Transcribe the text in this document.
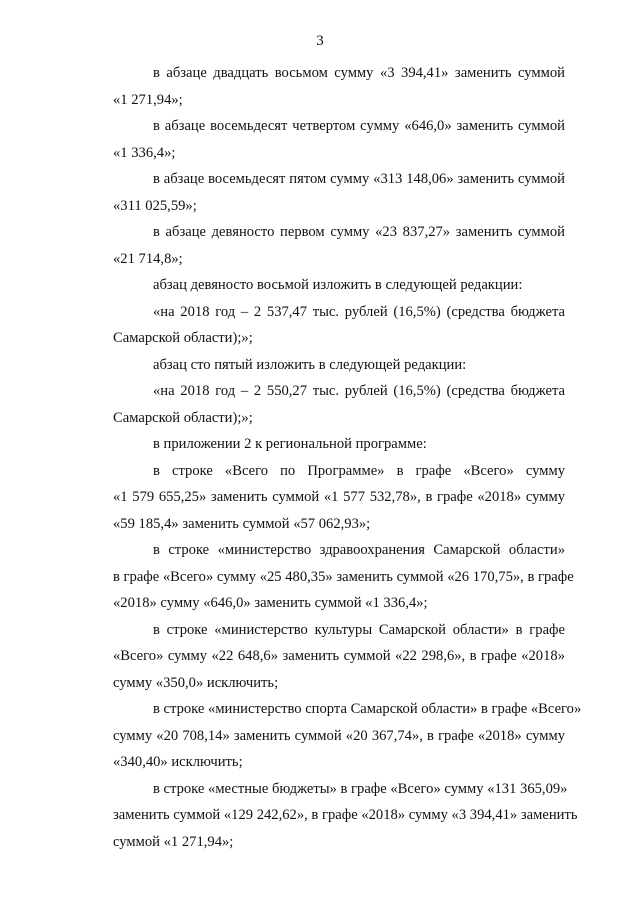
3
в абзаце двадцать восьмом сумму «3 394,41» заменить суммой
«1 271,94»;
в абзаце восемьдесят четвертом сумму «646,0» заменить суммой
«1 336,4»;
в абзаце восемьдесят пятом сумму «313 148,06» заменить суммой
«311 025,59»;
в абзаце девяносто первом сумму «23 837,27» заменить суммой
«21 714,8»;
абзац девяносто восьмой изложить в следующей редакции:
«на 2018 год – 2 537,47 тыс. рублей (16,5%) (средства бюджета
Самарской области);»;
абзац сто пятый изложить в следующей редакции:
«на 2018 год – 2 550,27 тыс. рублей (16,5%) (средства бюджета
Самарской области);»;
в приложении 2 к региональной программе:
в строке «Всего по Программе» в графе «Всего» сумму
«1 579 655,25» заменить суммой «1 577 532,78», в графе «2018» сумму
«59 185,4» заменить суммой «57 062,93»;
в строке «министерство здравоохранения Самарской области»
в графе «Всего» сумму «25 480,35» заменить суммой «26 170,75», в графе
«2018» сумму «646,0» заменить суммой «1 336,4»;
в строке «министерство культуры Самарской области» в графе
«Всего» сумму «22 648,6» заменить суммой «22 298,6», в графе «2018»
сумму «350,0» исключить;
в строке «министерство спорта Самарской области» в графе «Всего»
сумму «20 708,14» заменить суммой «20 367,74», в графе «2018» сумму
«340,40» исключить;
в строке «местные бюджеты» в графе «Всего» сумму «131 365,09»
заменить суммой «129 242,62», в графе «2018» сумму «3 394,41» заменить
суммой «1 271,94»;
